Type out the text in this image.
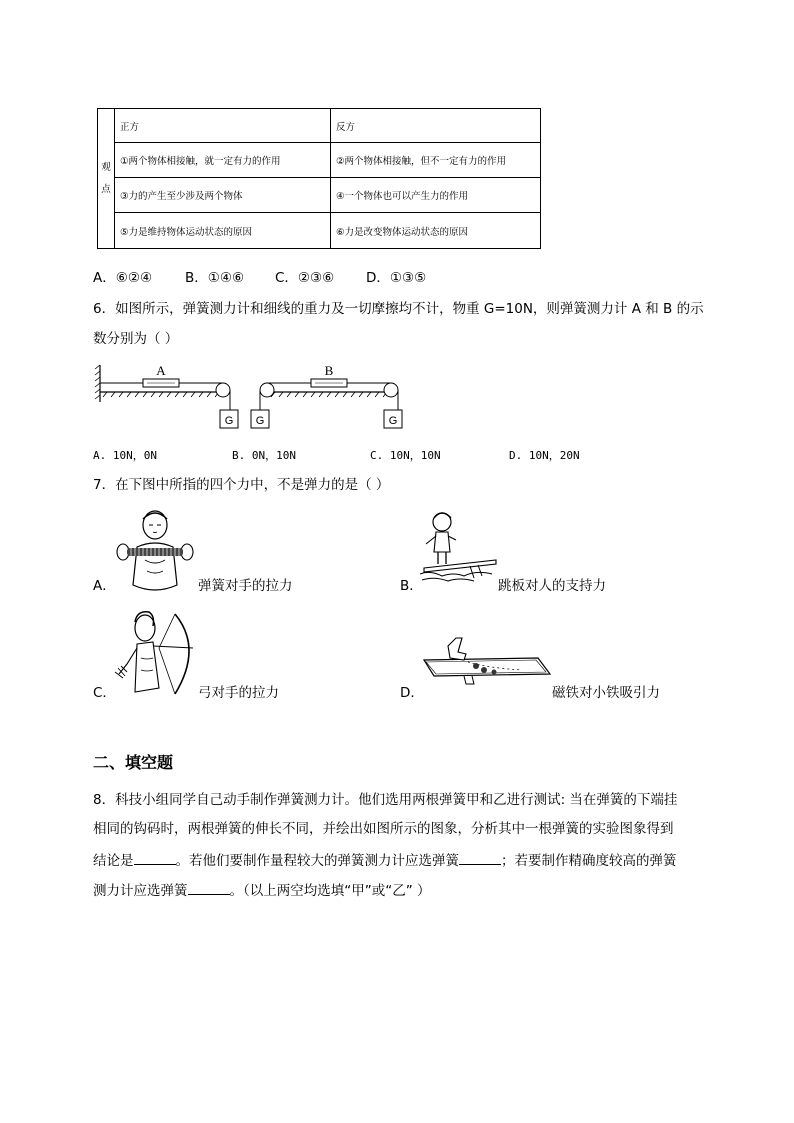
观
点	正方	反方
	①两个物体相接触，就一定有力的作用	②两个物体相接触，但不一定有力的作用
	③力的产生至少涉及两个物体	④一个物体也可以产生力的作用
	⑤力是维持物体运动状态的原因	⑥力是改变物体运动状态的原因
A．⑥②④ B．①④⑥ C．②③⑥ D．①③⑤
6．如图所示，弹簧测力计和细线的重力及一切摩擦均不计，物重 G=10N，则弹簧测力计 A 和 B 的示
数分别为（ ）
A
G
B
G	G
A. 10N，0N	B. 0N，10N	C. 10N，10N	D. 10N，20N
7．在下图中所指的四个力中，不是弹力的是（ ）
A．	弹簧对手的拉力	B．	跳板对人的支持力
C．	弓对手的拉力	D．	磁铁对小铁吸引力
二、填空题
8．科技小组同学自己动手制作弹簧测力计。他们选用两根弹簧甲和乙进行测试: 当在弹簧的下端挂
相同的钩码时，两根弹簧的伸长不同，并绘出如图所示的图象，分析其中一根弹簧的实验图象得到
结论是	。若他们要制作量程较大的弹簧测力计应选弹簧	；若要制作精确度较高的弹簧
测力计应选弹簧	。（以上两空均选填“甲”或“乙” ）
